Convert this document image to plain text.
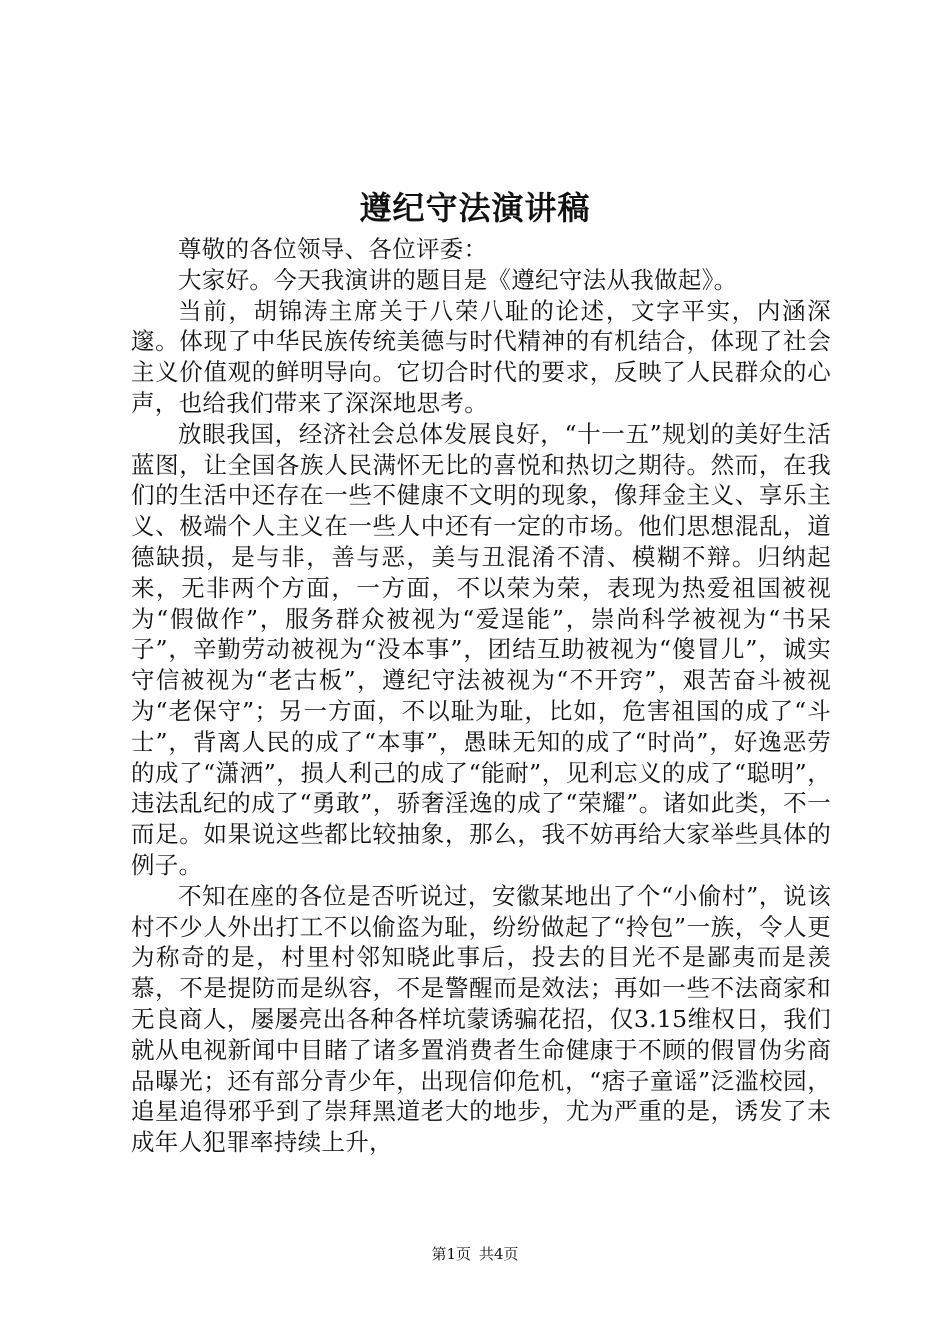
遵纪守法演讲稿

尊敬的各位领导、各位评委：

大家好。今天我演讲的题目是《遵纪守法从我做起》。

当前，胡锦涛主席关于八荣八耻的论述，文字平实，内涵深邃。体现了中华民族传统美德与时代精神的有机结合，体现了社会主义价值观的鲜明导向。它切合时代的要求，反映了人民群众的心声，也给我们带来了深深地思考。

放眼我国，经济社会总体发展良好，“十一五”规划的美好生活蓝图，让全国各族人民满怀无比的喜悦和热切之期待。然而，在我们的生活中还存在一些不健康不文明的现象，像拜金主义、享乐主义、极端个人主义在一些人中还有一定的市场。他们思想混乱，道德缺损，是与非，善与恶，美与丑混淆不清、模糊不辩。归纳起来，无非两个方面，一方面，不以荣为荣，表现为热爱祖国被视为“假做作”，服务群众被视为“爱逞能”，崇尚科学被视为“书呆子”，辛勤劳动被视为“没本事”，团结互助被视为“傻冒儿”，诚实守信被视为“老古板”，遵纪守法被视为“不开窍”，艰苦奋斗被视为“老保守”；另一方面，不以耻为耻，比如，危害祖国的成了“斗士”，背离人民的成了“本事”，愚昧无知的成了“时尚”，好逸恶劳的成了“潇洒”，损人利己的成了“能耐”，见利忘义的成了“聪明”，违法乱纪的成了“勇敢”，骄奢淫逸的成了“荣耀”。诸如此类，不一而足。如果说这些都比较抽象，那么，我不妨再给大家举些具体的例子。

不知在座的各位是否听说过，安徽某地出了个“小偷村”，说该村不少人外出打工不以偷盗为耻，纷纷做起了“拎包”一族，令人更为称奇的是，村里村邻知晓此事后，投去的目光不是鄙夷而是羡慕，不是提防而是纵容，不是警醒而是效法；再如一些不法商家和无良商人，屡屡亮出各种各样坑蒙诱骗花招，仅3.15维权日，我们就从电视新闻中目睹了诸多置消费者生命健康于不顾的假冒伪劣商品曝光；还有部分青少年，出现信仰危机，“痞子童谣”泛滥校园，追星追得邪乎到了崇拜黑道老大的地步，尤为严重的是，诱发了未成年人犯罪率持续上升，

第1页 共4页
